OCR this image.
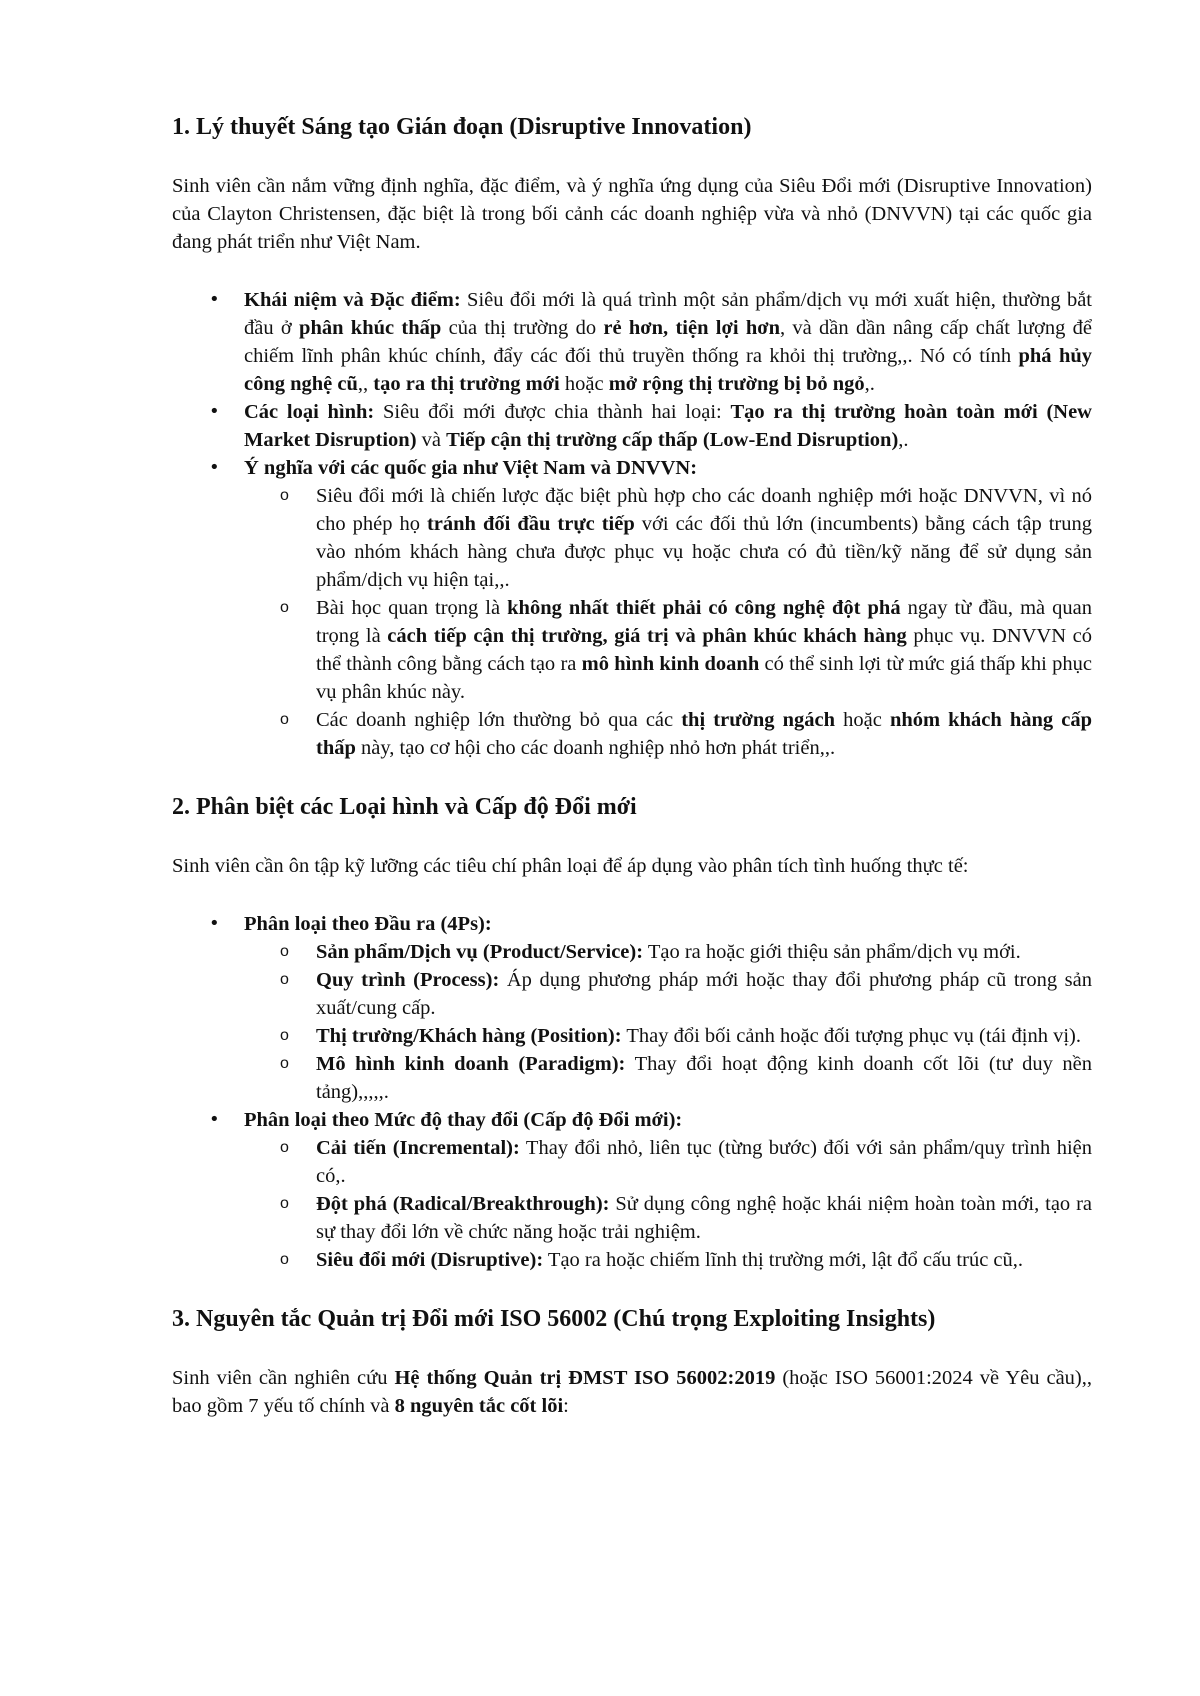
1. Lý thuyết Sáng tạo Gián đoạn (Disruptive Innovation)

Sinh viên cần nắm vững định nghĩa, đặc điểm, và ý nghĩa ứng dụng của Siêu Đổi mới (Disruptive Innovation) của Clayton Christensen, đặc biệt là trong bối cảnh các doanh nghiệp vừa và nhỏ (DNVVN) tại các quốc gia đang phát triển như Việt Nam.

• Khái niệm và Đặc điểm: Siêu đổi mới là quá trình một sản phẩm/dịch vụ mới xuất hiện, thường bắt đầu ở phân khúc thấp của thị trường do rẻ hơn, tiện lợi hơn, và dần dần nâng cấp chất lượng để chiếm lĩnh phân khúc chính, đẩy các đối thủ truyền thống ra khỏi thị trường,,. Nó có tính phá hủy công nghệ cũ,, tạo ra thị trường mới hoặc mở rộng thị trường bị bỏ ngỏ,.
• Các loại hình: Siêu đổi mới được chia thành hai loại: Tạo ra thị trường hoàn toàn mới (New Market Disruption) và Tiếp cận thị trường cấp thấp (Low-End Disruption),.
• Ý nghĩa với các quốc gia như Việt Nam và DNVVN:
o Siêu đổi mới là chiến lược đặc biệt phù hợp cho các doanh nghiệp mới hoặc DNVVN, vì nó cho phép họ tránh đối đầu trực tiếp với các đối thủ lớn (incumbents) bằng cách tập trung vào nhóm khách hàng chưa được phục vụ hoặc chưa có đủ tiền/kỹ năng để sử dụng sản phẩm/dịch vụ hiện tại,,.
o Bài học quan trọng là không nhất thiết phải có công nghệ đột phá ngay từ đầu, mà quan trọng là cách tiếp cận thị trường, giá trị và phân khúc khách hàng phục vụ. DNVVN có thể thành công bằng cách tạo ra mô hình kinh doanh có thể sinh lợi từ mức giá thấp khi phục vụ phân khúc này.
o Các doanh nghiệp lớn thường bỏ qua các thị trường ngách hoặc nhóm khách hàng cấp thấp này, tạo cơ hội cho các doanh nghiệp nhỏ hơn phát triển,,.
2. Phân biệt các Loại hình và Cấp độ Đổi mới

Sinh viên cần ôn tập kỹ lưỡng các tiêu chí phân loại để áp dụng vào phân tích tình huống thực tế:

• Phân loại theo Đầu ra (4Ps):
o Sản phẩm/Dịch vụ (Product/Service): Tạo ra hoặc giới thiệu sản phẩm/dịch vụ mới.
o Quy trình (Process): Áp dụng phương pháp mới hoặc thay đổi phương pháp cũ trong sản xuất/cung cấp.
o Thị trường/Khách hàng (Position): Thay đổi bối cảnh hoặc đối tượng phục vụ (tái định vị).
o Mô hình kinh doanh (Paradigm): Thay đổi hoạt động kinh doanh cốt lõi (tư duy nền tảng),,,,,.
• Phân loại theo Mức độ thay đổi (Cấp độ Đổi mới):
o Cải tiến (Incremental): Thay đổi nhỏ, liên tục (từng bước) đối với sản phẩm/quy trình hiện có,.
o Đột phá (Radical/Breakthrough): Sử dụng công nghệ hoặc khái niệm hoàn toàn mới, tạo ra sự thay đổi lớn về chức năng hoặc trải nghiệm.
o Siêu đổi mới (Disruptive): Tạo ra hoặc chiếm lĩnh thị trường mới, lật đổ cấu trúc cũ,.
3. Nguyên tắc Quản trị Đổi mới ISO 56002 (Chú trọng Exploiting Insights)

Sinh viên cần nghiên cứu Hệ thống Quản trị ĐMST ISO 56002:2019 (hoặc ISO 56001:2024 về Yêu cầu),, bao gồm 7 yếu tố chính và 8 nguyên tắc cốt lõi:
